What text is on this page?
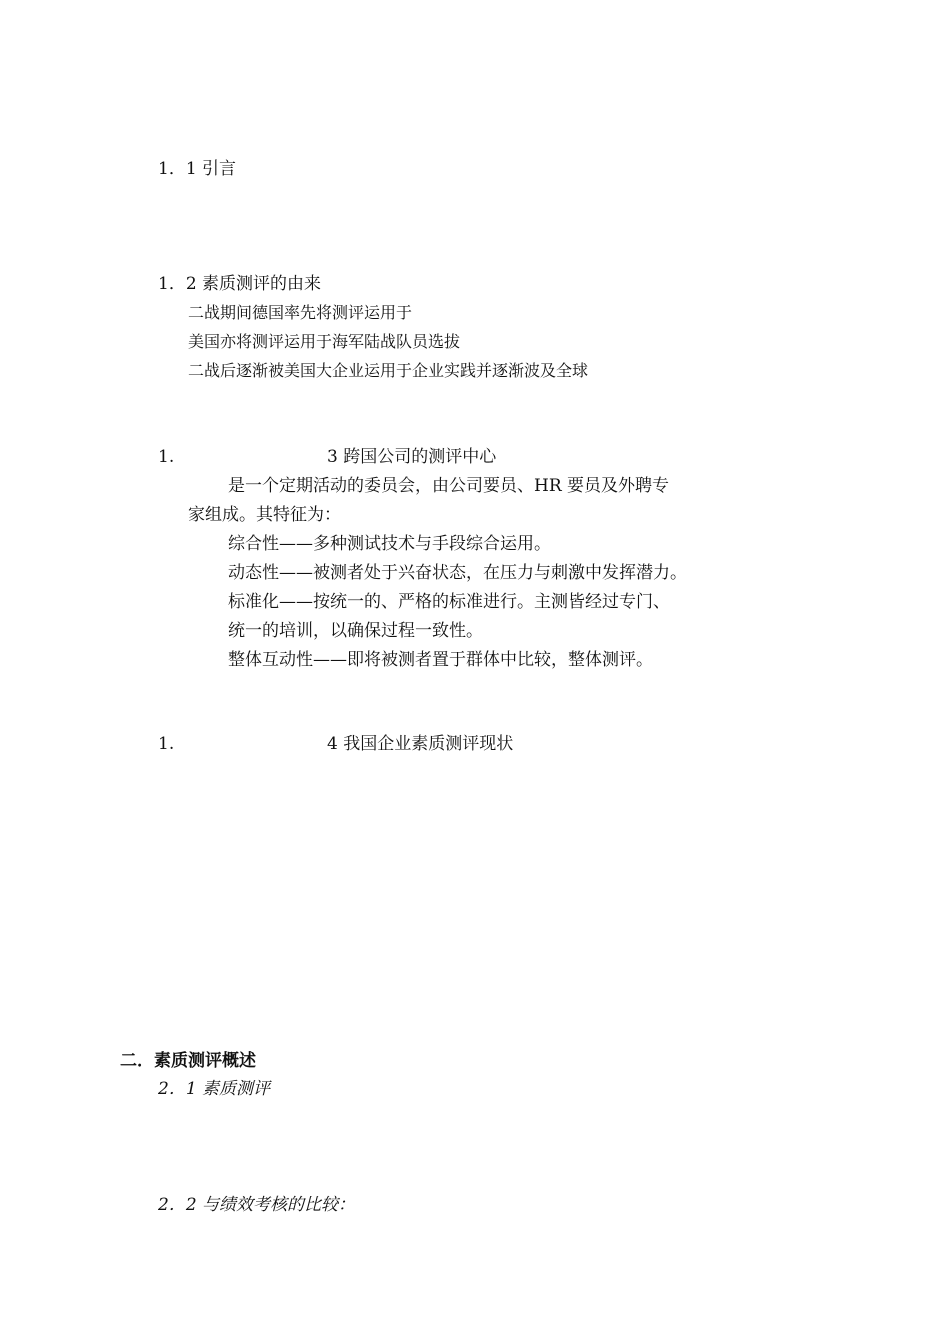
1．1 引言
1．2 素质测评的由来
二战期间德国率先将测评运用于
美国亦将测评运用于海军陆战队员选拔
二战后逐渐被美国大企业运用于企业实践并逐渐波及全球
1.	3 跨国公司的测评中心
是一个定期活动的委员会，由公司要员、HR 要员及外聘专
家组成。其特征为：
综合性——多种测试技术与手段综合运用。
动态性——被测者处于兴奋状态，在压力与刺激中发挥潜力。
标准化——按统一的、严格的标准进行。主测皆经过专门、
统一的培训，以确保过程一致性。
整体互动性——即将被测者置于群体中比较，整体测评。
1.	4 我国企业素质测评现状
二．素质测评概述
2．1 素质测评
2．2 与绩效考核的比较：
